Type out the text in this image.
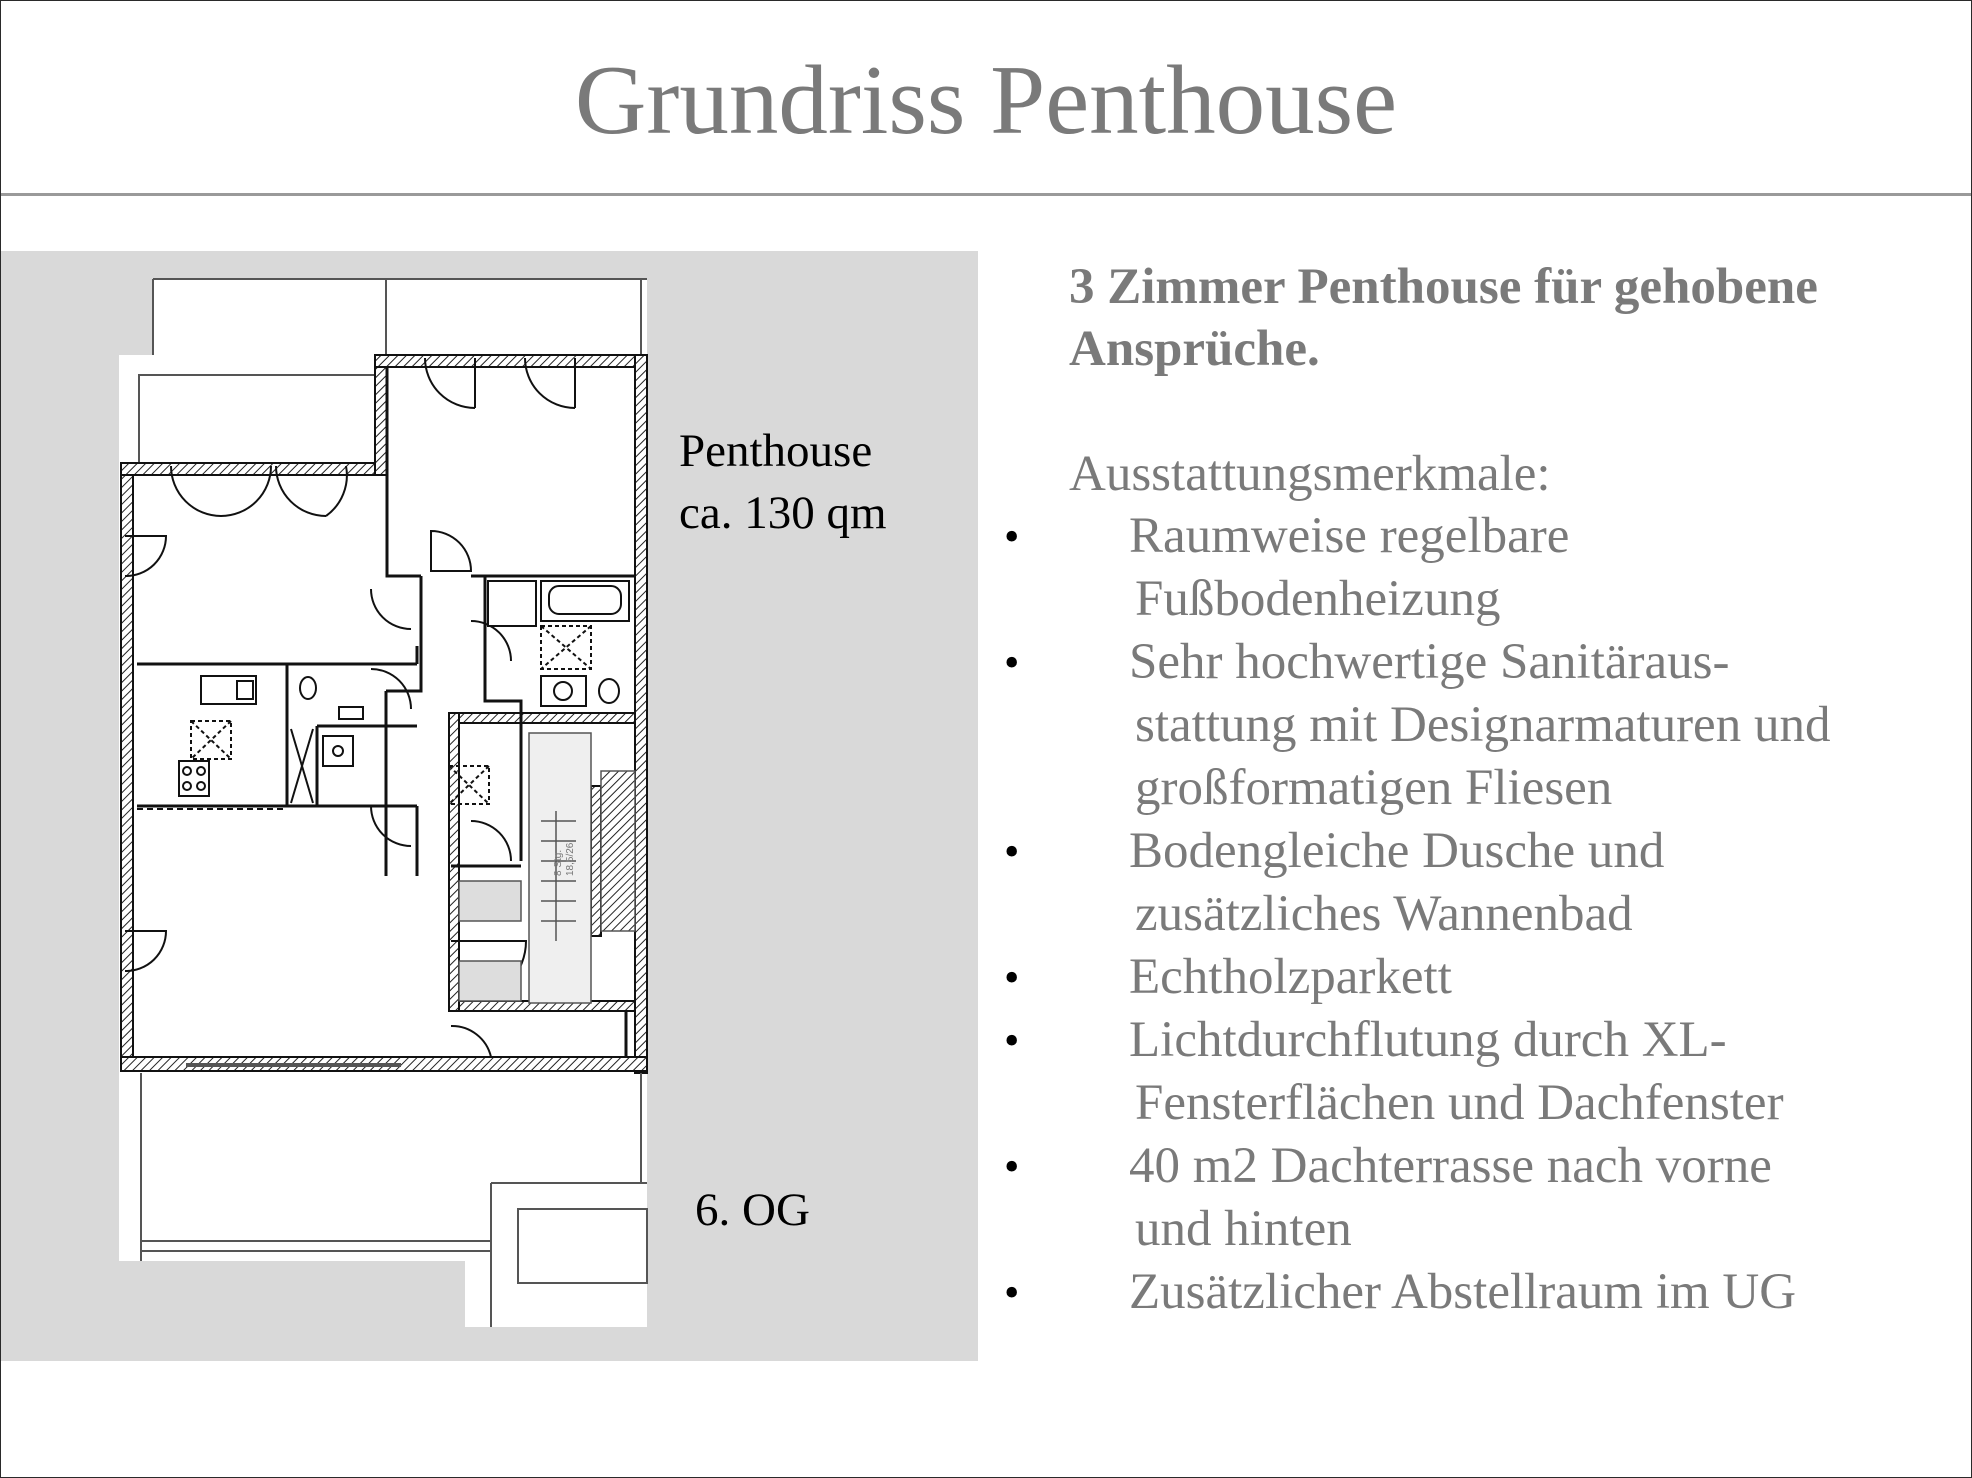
Grundriss Penthouse
8 Stg. 18,5/26
Penthouse
ca. 130 qm
6. OG
3 Zimmer Penthouse für gehobene
Ansprüche.
Ausstattungsmerkmale:
• Raumweise regelbare
Fußbodenheizung
• Sehr hochwertige Sanitäraus-
stattung mit Designarmaturen und
großformatigen Fliesen
• Bodengleiche Dusche und
zusätzliches Wannenbad
• Echtholzparkett
• Lichtdurchflutung durch XL-
Fensterflächen und Dachfenster
• 40 m2 Dachterrasse nach vorne
und hinten
• Zusätzlicher Abstellraum im UG
